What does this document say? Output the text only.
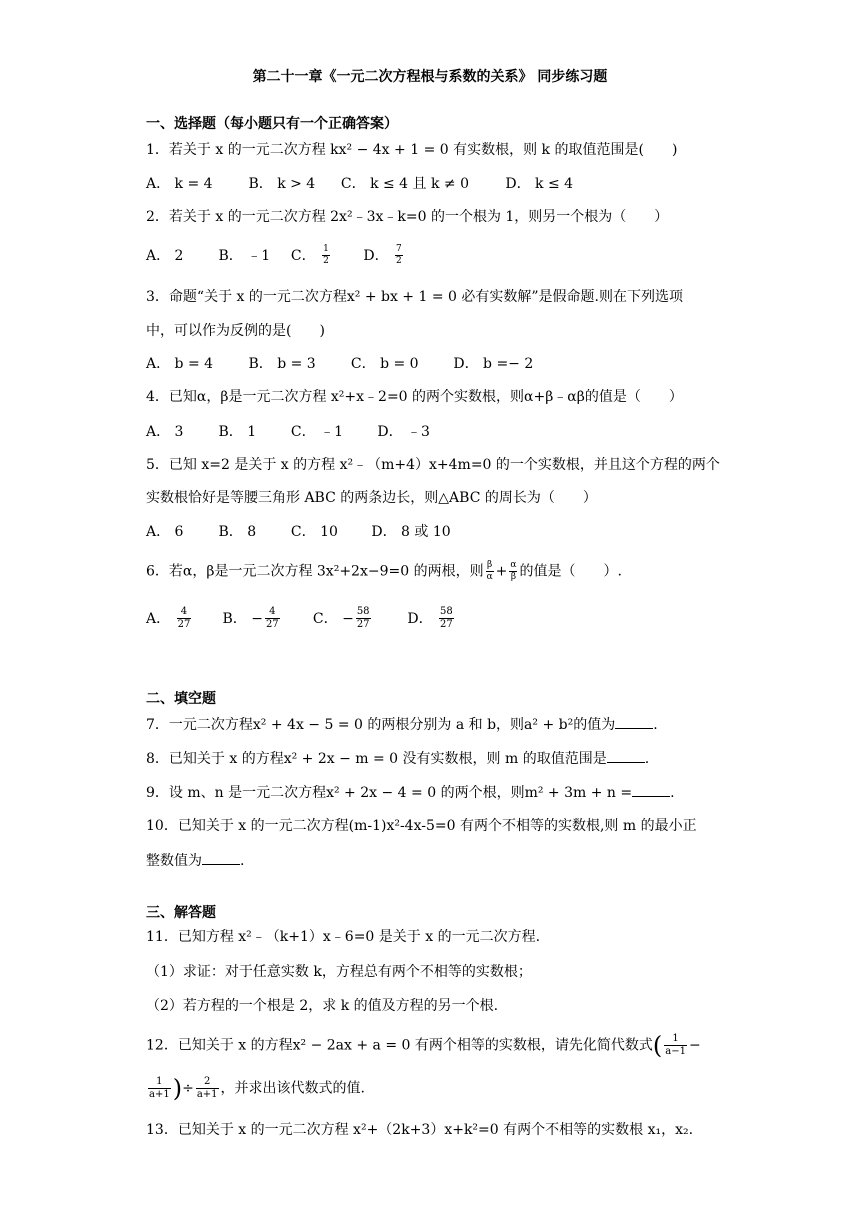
第二十一章《一元二次方程根与系数的关系》 同步练习题
一、选择题（每小题只有一个正确答案）
1．若关于 x 的一元二次方程 kx² − 4x + 1 = 0 有实数根，则 k 的取值范围是(　　)
A． k = 4	B． k > 4 C． k ≤ 4 且 k ≠ 0	D． k ≤ 4
2．若关于 x 的一元二次方程 2x²﹣3x﹣k=0 的一个根为 1，则另一个根为（　　）
A． 2 B． ﹣1 C． $\frac{1}{2}$ D． $\frac{7}{2}$
3．命题“关于 x 的一元二次方程x² + bx + 1 = 0 必有实数解”是假命题.则在下列选项
中，可以作为反例的是(　　)
A． b = 4	B． b = 3	C． b = 0 D． b =− 2
4．已知α，β是一元二次方程 x²+x﹣2=0 的两个实数根，则α+β﹣αβ的值是（　　）
A． 3 B． 1 C． ﹣1 D． ﹣3
5．已知 x=2 是关于 x 的方程 x²﹣（m+4）x+4m=0 的一个实数根，并且这个方程的两个
实数根恰好是等腰三角形 ABC 的两条边长，则△ABC 的周长为（　　）
A． 6 B． 8 C． 10 D． 8 或 10
6．若α，β是一元二次方程 3x²+2x−9=0 的两根，则 $\frac{\beta}{\alpha} + \frac{\alpha}{\beta}$ 的值是（　　）.
A． $\frac{4}{27}$ B． − $\frac{4}{27}$ C． − $\frac{58}{27}$	D． $\frac{58}{27}$
二、填空题
7．一元二次方程x² + 4x − 5 = 0 的两根分别为 a 和 b，则a² + b²的值为	.
8．已知关于 x 的方程x² + 2x − m = 0 没有实数根，则 m 的取值范围是	.
9．设 m、n 是一元二次方程x² + 2x − 4 = 0 的两个根，则m² + 3m + n =	.
10．已知关于 x 的一元二次方程(m-1)x²-4x-5=0 有两个不相等的实数根,则 m 的最小正
整数值为	.
三、解答题
11．已知方程 x²﹣（k+1）x﹣6=0 是关于 x 的一元二次方程.
（1）求证：对于任意实数 k，方程总有两个不相等的实数根；
（2）若方程的一个根是 2，求 k 的值及方程的另一个根.
12．已知关于 x 的方程x² − 2ax + a = 0 有两个相等的实数根，请先化简代数式( $\frac{1}{a-1}$ −
$\frac{1}{a+1}$ )÷ $\frac{2}{a+1}$ ，并求出该代数式的值.
13．已知关于 x 的一元二次方程 x²+（2k+3）x+k²=0 有两个不相等的实数根 x₁，x₂.
